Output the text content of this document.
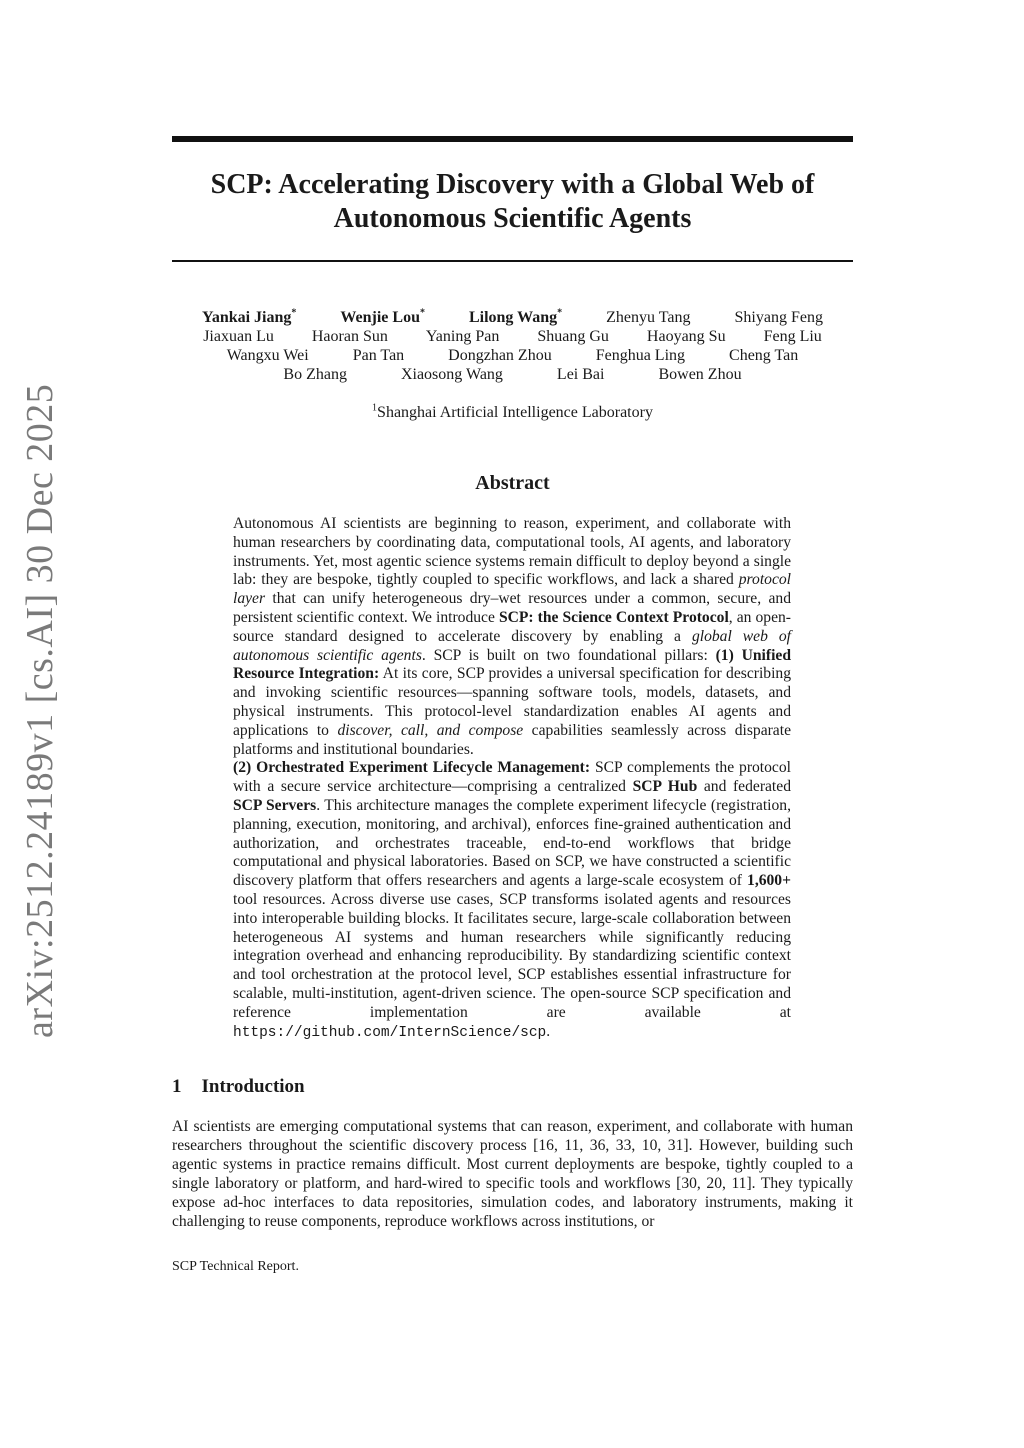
arXiv:2512.24189v1 [cs.AI] 30 Dec 2025
SCP: Accelerating Discovery with a Global Web of
Autonomous Scientific Agents
Yankai Jiang*	Wenjie Lou*	Lilong Wang*	Zhenyu Tang	Shiyang Feng
Jiaxuan Lu Haoran Sun Yaning Pan Shuang Gu Haoyang Su Feng Liu
Wangxu Wei	Pan Tan	Dongzhan Zhou	Fenghua Ling	Cheng Tan
Bo Zhang	Xiaosong Wang	Lei Bai	Bowen Zhou
$^1$Shanghai Artificial Intelligence Laboratory
Abstract
Autonomous AI scientists are beginning to reason, experiment, and collaborate with human researchers by coordinating data, computational tools, AI agents, and laboratory instruments. Yet, most agentic science systems remain difficult to deploy beyond a single lab: they are bespoke, tightly coupled to specific workflows, and lack a shared protocol layer that can unify heterogeneous dry–wet resources under a common, secure, and persistent scientific context. We introduce SCP: the Science Context Protocol, an open-source standard designed to accelerate discovery by enabling a global web of autonomous scientific agents. SCP is built on two foundational pillars: (1) Unified Resource Integration: At its core, SCP provides a universal specification for describing and invoking scientific resources—spanning software tools, models, datasets, and physical instruments. This protocol-level standardization enables AI agents and applications to discover, call, and compose capabilities seamlessly across disparate platforms and institutional boundaries.
(2) Orchestrated Experiment Lifecycle Management: SCP complements the protocol with a secure service architecture—comprising a centralized SCP Hub and federated SCP Servers. This architecture manages the complete experiment lifecycle (registration, planning, execution, monitoring, and archival), enforces fine-grained authentication and authorization, and orchestrates traceable, end-to-end workflows that bridge computational and physical laboratories. Based on SCP, we have constructed a scientific discovery platform that offers researchers and agents a large-scale ecosystem of 1,600+ tool resources. Across diverse use cases, SCP transforms isolated agents and resources into interoperable building blocks. It facilitates secure, large-scale collaboration between heterogeneous AI systems and human researchers while significantly reducing integration overhead and enhancing reproducibility. By standardizing scientific context and tool orchestration at the protocol level, SCP establishes essential infrastructure for scalable, multi-institution, agent-driven science. The open-source SCP specification and reference implementation are available at https://github.com/InternScience/scp.
1 Introduction
AI scientists are emerging computational systems that can reason, experiment, and collaborate with human researchers throughout the scientific discovery process [16, 11, 36, 33, 10, 31]. However, building such agentic systems in practice remains difficult. Most current deployments are bespoke, tightly coupled to a single laboratory or platform, and hard-wired to specific tools and workflows [30, 20, 11]. They typically expose ad-hoc interfaces to data repositories, simulation codes, and laboratory instruments, making it challenging to reuse components, reproduce workflows across institutions, or
SCP Technical Report.
